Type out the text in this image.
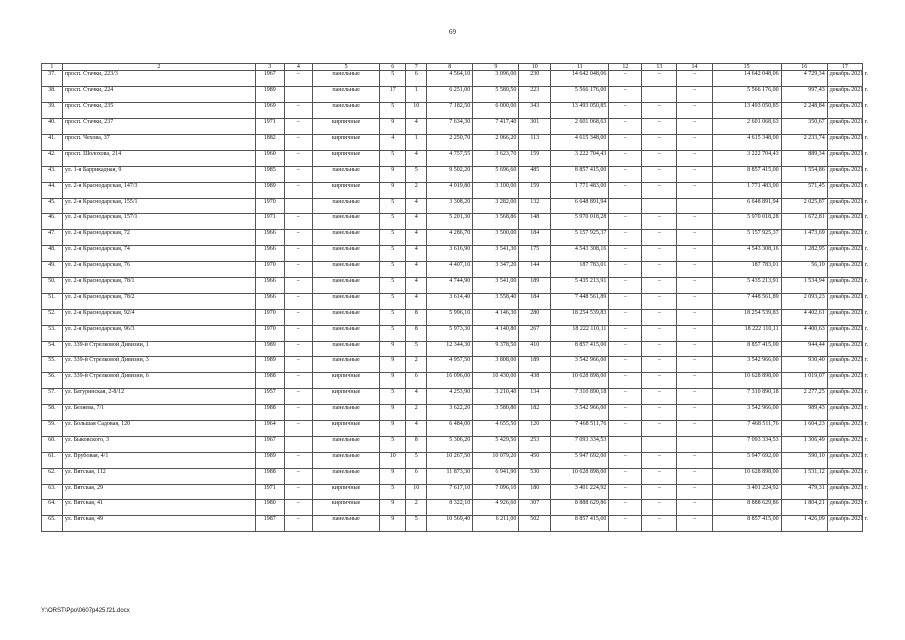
69
1	2	3	4	5	6	7	8	9	10	11	12	13	14	15	16	17
37.	просп. Стачки, 223/3	1967	–	панельные	5	6	4 564,10	3 096,00	230	14 642 048,06	–	–	–	14 642 048,06	4 729,34	декабрь 2021 г.
38.	просп. Стачки, 224	1989		панельные	17	1	6 251,00	5 580,50	223	5 566 176,00	–		–	5 566 176,00	997,43	декабрь 2021 г.
39.	просп. Стачки, 235	1969	–	панельные	5	10	7 182,50	6 000,00	343	13 493 050,85	–	–	–	13 493 050,85	2 248,84	декабрь 2021 г.
40.	просп. Стачки, 237	1971	–	кирпичные	9	4	7 634,30	7 417,40	301	2 601 068,63	–	–	–	2 601 068,63	350,67	декабрь 2021 г.
41.	просп. Чехова, 37	1882	–	кирпичные	4	1	2 250,70	2 066,20	113	4 615 348,00	–	–	–	4 615 348,00	2 233,74	декабрь 2021 г.
42.	просп. Шолохова, 214	1960	–	кирпичные	5	4	4 757,55	3 623,70	159	3 222 704,43	–	–	–	3 222 704,43	889,34	декабрь 2021 г.
43.	ул. 1-я Баррикадная, 9	1985	–	панельные	9	5	9 502,20	5 696,60	485	8 857 415,00	–	–	–	8 857 415,00	1 554,86	декабрь 2021 г.
44.	ул. 2-я Краснодарская, 147/3	1989	–	кирпичные	9	2	4 019,80	3 100,00	159	1 771 483,00	–	–	–	1 771 483,00	571,45	декабрь 2021 г.
45.	ул. 2-я Краснодарская, 155/1	1970		панельные	5	4	3 308,20	3 282,00	132	6 648 891,94				6 648 891,94	2 025,87	декабрь 2021 г.
46.	ул. 2-я Краснодарская, 157/1	1971	–	панельные	5	4	5 201,30	3 568,86	148	5 970 018,28	–	–	–	5 970 018,28	1 672,81	декабрь 2021 г.
47.	ул. 2-я Краснодарская, 72	1966	–	панельные	5	4	4 286,70	3 500,00	184	5 157 925,37	–	–	–	5 157 925,37	1 473,69	декабрь 2021 г.
48.	ул. 2-я Краснодарская, 74	1966	–	панельные	5	4	3 616,90	3 541,30	175	4 543 308,16	–	–	–	4 543 308,16	1 282,95	декабрь 2021 г.
49.	ул. 2-я Краснодарская, 76	1970	–	панельные	5	4	4 407,10	3 347,20	144	187 783,01	–	–	–	187 783,01	56,10	декабрь 2021 г.
50.	ул. 2-я Краснодарская, 78/1	1966	–	панельные	5	4	4 744,90	3 541,00	189	5 435 213,91	–	–	–	5 435 213,91	1 534,94	декабрь 2021 г.
51.	ул. 2-я Краснодарская, 78/2	1966	–	панельные	5	4	3 614,40	3 558,40	184	7 448 561,89	–	–	–	7 448 561,89	2 093,23	декабрь 2021 г.
52.	ул. 2-я Краснодарская, 92/4	1970	–	панельные	5	8	5 996,10	4 146,30	280	18 254 539,83	–	–	–	18 254 539,83	4 402,61	декабрь 2021 г.
53.	ул. 2-я Краснодарская, 96/3	1970	–	панельные	5	8	5 973,30	4 140,80	267	18 222 110,11	–	–	–	18 222 110,11	4 400,63	декабрь 2021 г.
54.	ул. 339-й Стрелковой Дивизии, 1	1989	–	панельные	9	5	12 344,30	9 378,50	410	8 857 415,00	–	–	–	8 857 415,00	944,44	декабрь 2021 г.
55.	ул. 339-й Стрелковой Дивизии, 3	1989	–	панельные	9	2	4 957,50	3 808,00	189	3 542 966,00	–	–	–	3 542 966,00	930,40	декабрь 2021 г.
56.	ул. 339-й Стрелковой Дивизии, 6	1988	–	кирпичные	9	6	16 096,00	10 430,00	438	10 628 898,00	–	–	–	10 628 898,00	1 019,07	декабрь 2021 г.
57.	ул. Батуринская, 2-8/12	1957	–	кирпичные	5	4	4 253,90	3 210,40	134	7 310 890,18	–	–	–	7 310 890,18	2 277,25	декабрь 2021 г.
58.	ул. Беляева, 7/1	1988	–	панельные	9	2	3 622,20	3 580,80	182	3 542 966,00	–	–	–	3 542 966,00	989,43	декабрь 2021 г.
59.	ул. Большая Садовая, 120	1964	–	кирпичные	9	4	6 484,00	4 655,50	120	7 468 511,76	–	–	–	7 468 511,76	1 604,23	декабрь 2021 г.
60.	ул. Быковского, 3	1967		панельные	5	8	5 306,20	5 429,50	253	7 093 334,53				7 093 334,53	1 306,49	декабрь 2021 г.
61.	ул. Врубовая, 4/1	1989	–	панельные	10	5	10 267,50	10 079,20	450	5 947 692,00	–	–	–	5 947 692,00	590,10	декабрь 2021 г.
62.	ул. Вятская, 112	1988	–	панельные	9	6	11 873,30	6 941,90	530	10 628 898,00	–	–	–	10 628 898,00	1 531,12	декабрь 2021 г.
63.	ул. Вятская, 29	1971	–	кирпичные	5	10	7 617,10	7 096,10	180	3 401 224,92	–	–	–	3 401 224,92	479,31	декабрь 2021 г.
64.	ул. Вятская, 41	1980	–	кирпичные	9	2	8 322,10	4 926,60	307	8 888 629,86	–	–	–	8 888 629,86	1 804,21	декабрь 2021 г.
65.	ул. Вятская, 49	1987	–	панельные	9	5	10 569,40	6 211,00	502	8 857 415,00	–	–	–	8 857 415,00	1 426,09	декабрь 2021 г.
Y:\ORST\Ppo\0607p425.f21.docx
